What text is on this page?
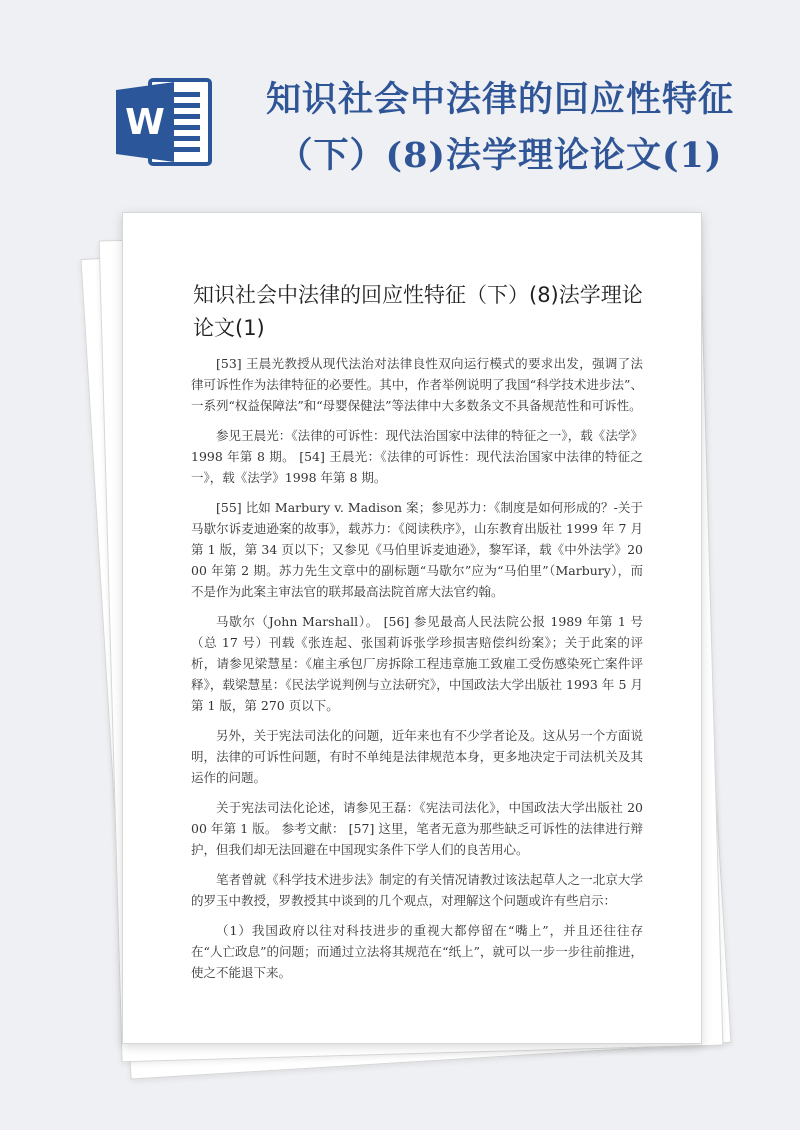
W
知识社会中法律的回应性特征（下）(8)法学理论论文(1)
知识社会中法律的回应性特征（下）(8)法学理论论文(1)

[53] 王晨光教授从现代法治对法律良性双向运行模式的要求出发，强调了法律可诉性作为法律特征的必要性。其中，作者举例说明了我国“科学技术进步法”、一系列“权益保障法”和“母婴保健法”等法律中大多数条文不具备规范性和可诉性。

参见王晨光：《法律的可诉性：现代法治国家中法律的特征之一》，载《法学》1998 年第 8 期。 [54] 王晨光：《法律的可诉性：现代法治国家中法律的特征之一》，载《法学》1998 年第 8 期。

[55] 比如 Marbury v. Madison 案；参见苏力：《制度是如何形成的？-关于马歇尔诉麦迪逊案的故事》，载苏力：《阅读秩序》，山东教育出版社 1999 年 7 月第 1 版，第 34 页以下；又参见《马伯里诉麦迪逊》，黎军译，载《中外法学》2000 年第 2 期。苏力先生文章中的副标题“马歇尔”应为“马伯里”（Marbury），而不是作为此案主审法官的联邦最高法院首席大法官约翰。

马歇尔（John Marshall）。 [56] 参见最高人民法院公报 1989 年第 1 号（总 17 号）刊载《张连起、张国莉诉张学珍损害赔偿纠纷案》；关于此案的评析，请参见梁慧星：《雇主承包厂房拆除工程违章施工致雇工受伤感染死亡案件评释》，载梁慧星：《民法学说判例与立法研究》，中国政法大学出版社 1993 年 5 月第 1 版，第 270 页以下。

另外，关于宪法司法化的问题，近年来也有不少学者论及。这从另一个方面说明，法律的可诉性问题，有时不单纯是法律规范本身，更多地决定于司法机关及其运作的问题。

关于宪法司法化论述，请参见王磊：《宪法司法化》，中国政法大学出版社 2000 年第 1 版。 参考文献： [57] 这里，笔者无意为那些缺乏可诉性的法律进行辩护，但我们却无法回避在中国现实条件下学人们的良苦用心。

笔者曾就《科学技术进步法》制定的有关情况请教过该法起草人之一北京大学的罗玉中教授，罗教授其中谈到的几个观点，对理解这个问题或许有些启示：

（1）我国政府以往对科技进步的重视大都停留在“嘴上”，并且还往往存在“人亡政息”的问题；而通过立法将其规范在“纸上”，就可以一步一步往前推进，使之不能退下来。
